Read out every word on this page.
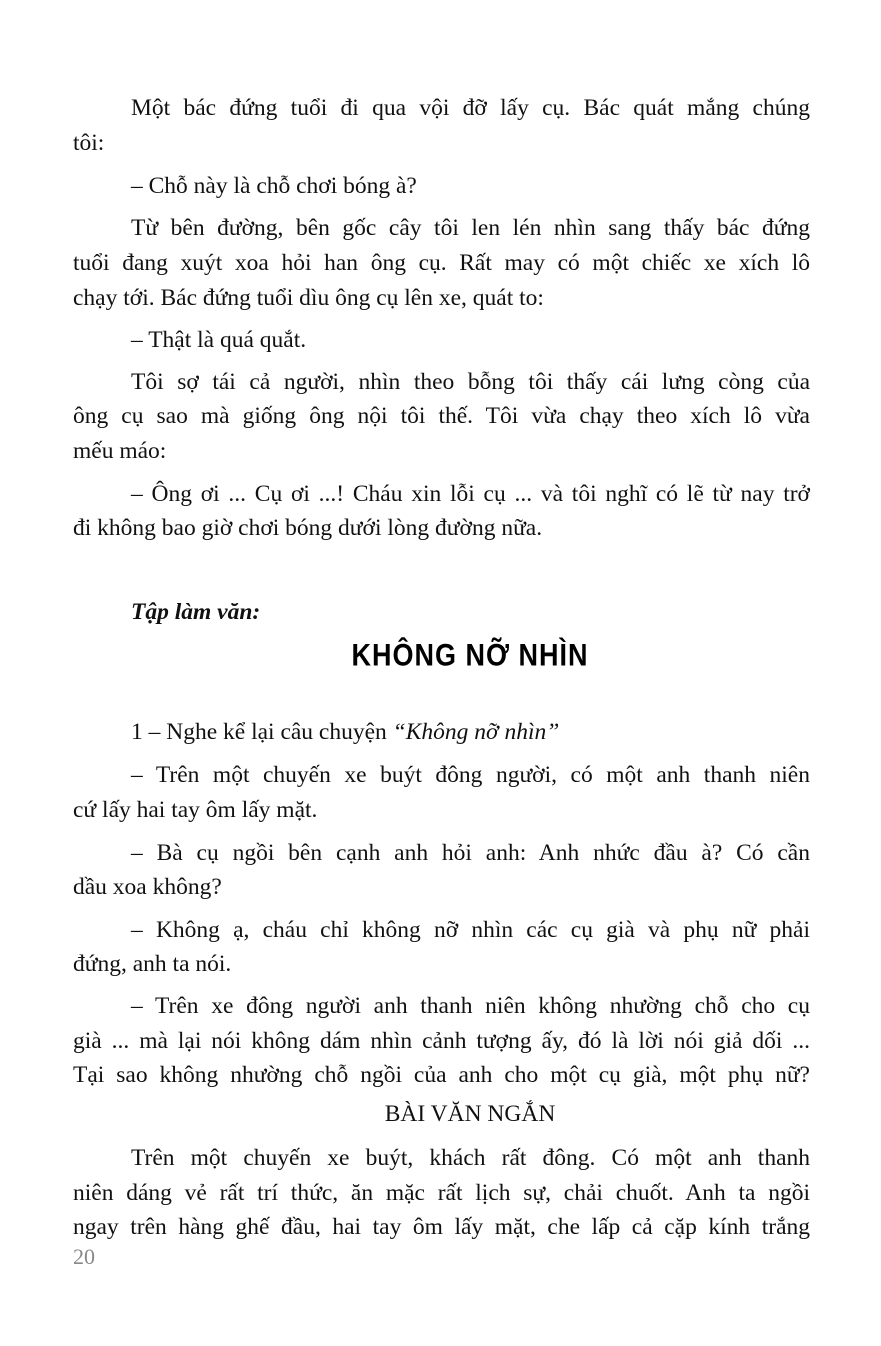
Một bác đứng tuổi đi qua vội đỡ lấy cụ. Bác quát mắng chúng
tôi:
– Chỗ này là chỗ chơi bóng à?
Từ bên đường, bên gốc cây tôi len lén nhìn sang thấy bác đứng
tuổi đang xuýt xoa hỏi han ông cụ. Rất may có một chiếc xe xích lô
chạy tới. Bác đứng tuổi dìu ông cụ lên xe, quát to:
– Thật là quá quắt.
Tôi sợ tái cả người, nhìn theo bỗng tôi thấy cái lưng còng của
ông cụ sao mà giống ông nội tôi thế. Tôi vừa chạy theo xích lô vừa
mếu máo:
– Ông ơi ... Cụ ơi ...! Cháu xin lỗi cụ ... và tôi nghĩ có lẽ từ nay trở
đi không bao giờ chơi bóng dưới lòng đường nữa.
Tập làm văn:
KHÔNG NỠ NHÌN
1 – Nghe kể lại câu chuyện “Không nỡ nhìn”
– Trên một chuyến xe buýt đông người, có một anh thanh niên
cứ lấy hai tay ôm lấy mặt.
– Bà cụ ngồi bên cạnh anh hỏi anh: Anh nhức đầu à? Có cần
dầu xoa không?
– Không ạ, cháu chỉ không nỡ nhìn các cụ già và phụ nữ phải
đứng, anh ta nói.
– Trên xe đông người anh thanh niên không nhường chỗ cho cụ
già ... mà lại nói không dám nhìn cảnh tượng ấy, đó là lời nói giả dối ...
Tại sao không nhường chỗ ngồi của anh cho một cụ già, một phụ nữ?
BÀI VĂN NGẮN
Trên một chuyến xe buýt, khách rất đông. Có một anh thanh
niên dáng vẻ rất trí thức, ăn mặc rất lịch sự, chải chuốt. Anh ta ngồi
ngay trên hàng ghế đầu, hai tay ôm lấy mặt, che lấp cả cặp kính trắng
20
